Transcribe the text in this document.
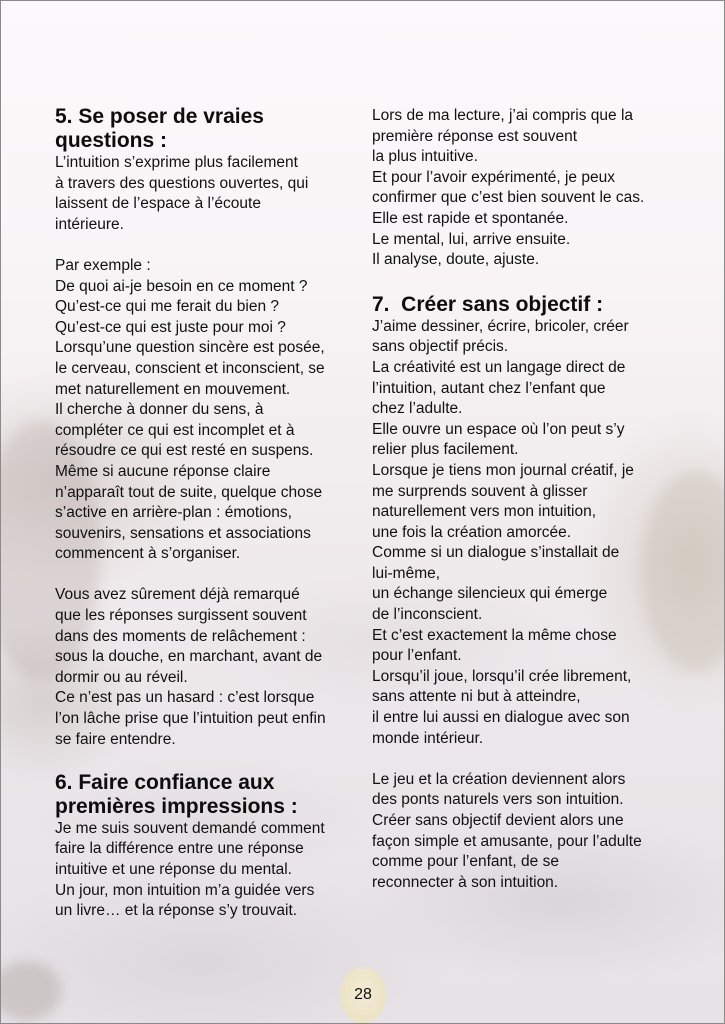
5. Se poser de vraies
questions :
L’intuition s’exprime plus facilement
à travers des questions ouvertes, qui
laissent de l’espace à l’écoute
intérieure.
Par exemple :
De quoi ai-je besoin en ce moment ?
Qu’est-ce qui me ferait du bien ?
Qu’est-ce qui est juste pour moi ?
Lorsqu’une question sincère est posée,
le cerveau, conscient et inconscient, se
met naturellement en mouvement.
Il cherche à donner du sens, à
compléter ce qui est incomplet et à
résoudre ce qui est resté en suspens.
Même si aucune réponse claire
n’apparaît tout de suite, quelque chose
s’active en arrière-plan : émotions,
souvenirs, sensations et associations
commencent à s’organiser.
Vous avez sûrement déjà remarqué
que les réponses surgissent souvent
dans des moments de relâchement :
sous la douche, en marchant, avant de
dormir ou au réveil.
Ce n’est pas un hasard : c’est lorsque
l’on lâche prise que l’intuition peut enfin
se faire entendre.
6. Faire confiance aux
premières impressions :
Je me suis souvent demandé comment
faire la différence entre une réponse
intuitive et une réponse du mental.
Un jour, mon intuition m’a guidée vers
un livre… et la réponse s’y trouvait.
Lors de ma lecture, j’ai compris que la
première réponse est souvent
la plus intuitive.
Et pour l’avoir expérimenté, je peux
confirmer que c’est bien souvent le cas.
Elle est rapide et spontanée.
Le mental, lui, arrive ensuite.
Il analyse, doute, ajuste.
7.  Créer sans objectif :
J’aime dessiner, écrire, bricoler, créer
sans objectif précis.
La créativité est un langage direct de
l’intuition, autant chez l’enfant que
chez l’adulte.
Elle ouvre un espace où l’on peut s’y
relier plus facilement.
Lorsque je tiens mon journal créatif, je
me surprends souvent à glisser
naturellement vers mon intuition,
une fois la création amorcée.
Comme si un dialogue s’installait de
lui-même,
un échange silencieux qui émerge
de l’inconscient.
Et c’est exactement la même chose
pour l’enfant.
Lorsqu’il joue, lorsqu’il crée librement,
sans attente ni but à atteindre,
il entre lui aussi en dialogue avec son
monde intérieur.
Le jeu et la création deviennent alors
des ponts naturels vers son intuition.
Créer sans objectif devient alors une
façon simple et amusante, pour l’adulte
comme pour l’enfant, de se
reconnecter à son intuition.
28
